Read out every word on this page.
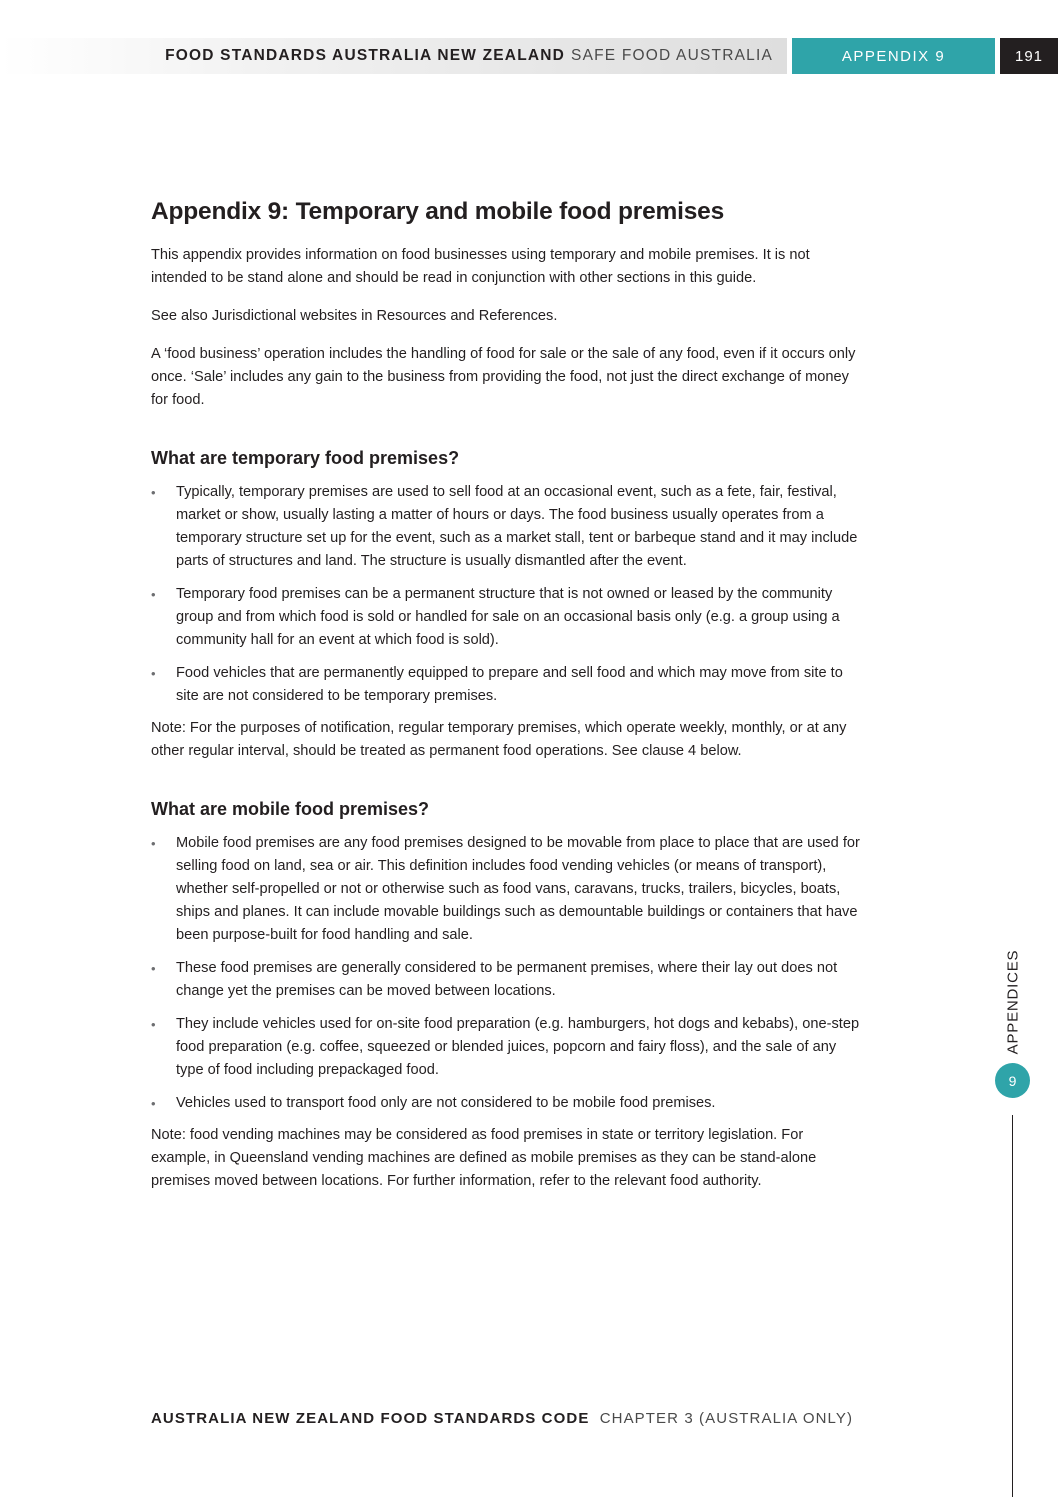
FOOD STANDARDS AUSTRALIA NEW ZEALAND SAFE FOOD AUSTRALIA	APPENDIX 9	191
Appendix 9: Temporary and mobile food premises

This appendix provides information on food businesses using temporary and mobile premises. It is not intended to be stand alone and should be read in conjunction with other sections in this guide.

See also Jurisdictional websites in Resources and References.

A ‘food business’ operation includes the handling of food for sale or the sale of any food, even if it occurs only once. ‘Sale’ includes any gain to the business from providing the food, not just the direct exchange of money for food.

What are temporary food premises?
• Typically, temporary premises are used to sell food at an occasional event, such as a fete, fair, festival, market or show, usually lasting a matter of hours or days. The food business usually operates from a temporary structure set up for the event, such as a market stall, tent or barbeque stand and it may include parts of structures and land. The structure is usually dismantled after the event.
• Temporary food premises can be a permanent structure that is not owned or leased by the community group and from which food is sold or handled for sale on an occasional basis only (e.g. a group using a community hall for an event at which food is sold).
• Food vehicles that are permanently equipped to prepare and sell food and which may move from site to site are not considered to be temporary premises.

Note: For the purposes of notification, regular temporary premises, which operate weekly, monthly, or at any other regular interval, should be treated as permanent food operations. See clause 4 below.

What are mobile food premises?
• Mobile food premises are any food premises designed to be movable from place to place that are used for selling food on land, sea or air. This definition includes food vending vehicles (or means of transport), whether self-propelled or not or otherwise such as food vans, caravans, trucks, trailers, bicycles, boats, ships and planes. It can include movable buildings such as demountable buildings or containers that have been purpose-built for food handling and sale.
• These food premises are generally considered to be permanent premises, where their lay out does not change yet the premises can be moved between locations.
• They include vehicles used for on-site food preparation (e.g. hamburgers, hot dogs and kebabs), one-step food preparation (e.g. coffee, squeezed or blended juices, popcorn and fairy floss), and the sale of any type of food including prepackaged food.
• Vehicles used to transport food only are not considered to be mobile food premises.

Note: food vending machines may be considered as food premises in state or territory legislation. For example, in Queensland vending machines are defined as mobile premises as they can be stand-alone premises moved between locations. For further information, refer to the relevant food authority.

APPENDICES
9
AUSTRALIA NEW ZEALAND FOOD STANDARDS CODE CHAPTER 3 (AUSTRALIA ONLY)
